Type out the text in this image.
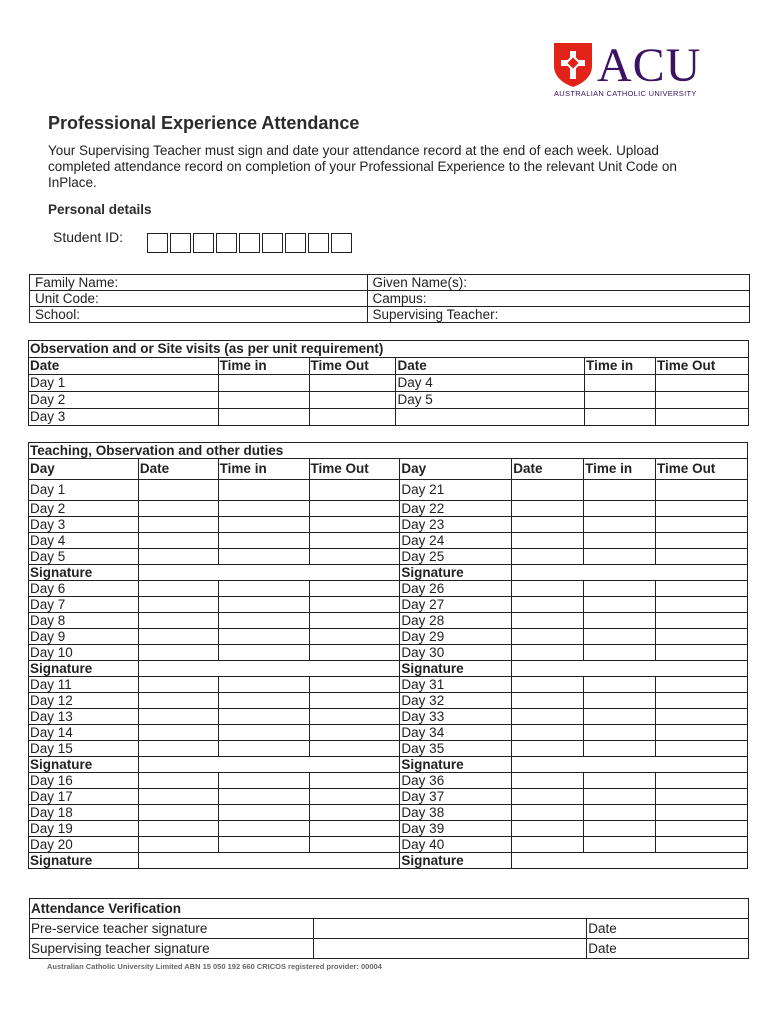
ACU
AUSTRALIAN CATHOLIC UNIVERSITY
Professional Experience Attendance
Your Supervising Teacher must sign and date your attendance record at the end of each week. Upload completed attendance record on completion of your Professional Experience to the relevant Unit Code on InPlace.
Personal details
Student ID:
Family Name:	Given Name(s):
Unit Code:	Campus:
School:	Supervising Teacher:
Observation and or Site visits (as per unit requirement)					
Date	Time in	Time Out	Date	Time in	Time Out
Day 1			Day 4		
Day 2			Day 5		
Day 3					
Teaching, Observation and other duties							
Day	Date	Time in	Time Out	Day	Date	Time in	Time Out
Day 1				Day 21			
Day 2				Day 22			
Day 3				Day 23			
Day 4				Day 24			
Day 5				Day 25			
Signature				Signature			
Day 6				Day 26			
Day 7				Day 27			
Day 8				Day 28			
Day 9				Day 29			
Day 10				Day 30			
Signature				Signature			
Day 11				Day 31			
Day 12				Day 32			
Day 13				Day 33			
Day 14				Day 34			
Day 15				Day 35			
Signature				Signature			
Day 16				Day 36			
Day 17				Day 37			
Day 18				Day 38			
Day 19				Day 39			
Day 20				Day 40			
Signature				Signature			
Attendance Verification		
Pre-service teacher signature		Date
Supervising teacher signature		Date
Australian Catholic University Limited ABN 15 050 192 660 CRICOS registered provider: 00004
